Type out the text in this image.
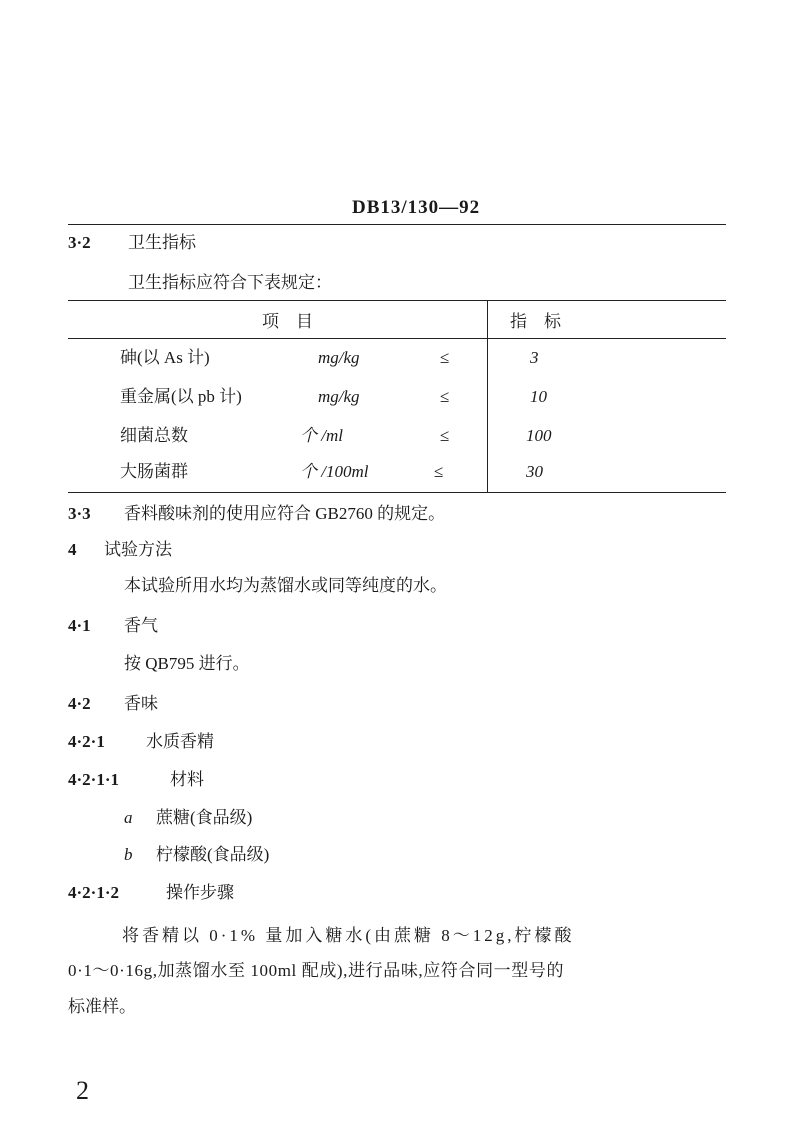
DB13/130—92
3·2 卫生指标
卫生指标应符合下表规定：
项　目	指　标
砷(以 As 计)	mg/kg	≤	3
重金属(以 pb 计)	mg/kg	≤	10
细菌总数	个 /ml	≤	100
大肠菌群	个 /100ml	≤	30
3·3 香料酸味剂的使用应符合 GB2760 的规定。
4 试验方法
本试验所用水均为蒸馏水或同等纯度的水。
4·1 香气
按 QB795 进行。
4·2 香味
4·2·1 水质香精
4·2·1·1	材料
a 蔗糖(食品级)
b 柠檬酸(食品级)
4·2·1·2	操作步骤
将香精以 0·1% 量加入糖水(由蔗糖 8～12g,柠檬酸
0·1～0·16g,加蒸馏水至 100ml 配成),进行品味,应符合同一型号的
标准样。
2
